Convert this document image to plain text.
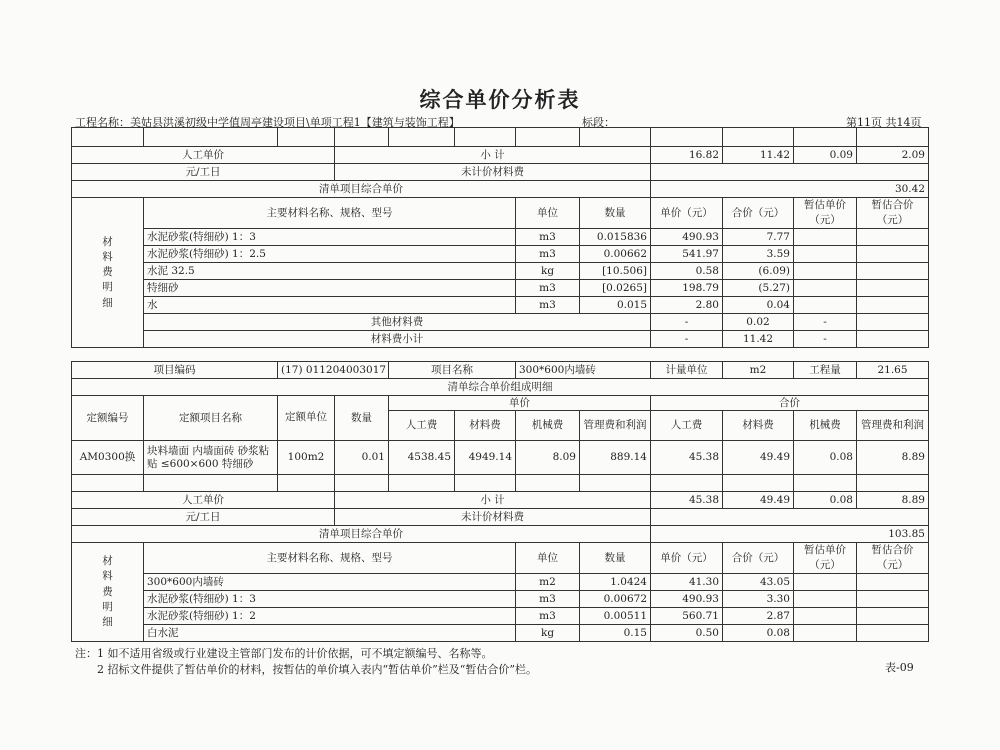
综合单价分析表
工程名称：美姑县洪溪初级中学值周亭建设项目\单项工程1【建筑与装饰工程】	标段：	第11页 共14页

人工单价			小 计					16.82	11.42	0.09	2.09
元/工日			未计价材料费								
清单项目综合单价								30.42			
材料费明细	主要材料名称、规格、型号					单位	数量	单价（元）	合价（元）	暂估单价（元）	暂估合价（元）
	水泥砂浆(特细砂) 1：3					m3	0.015836	490.93	7.77		
	水泥砂浆(特细砂) 1：2.5					m3	0.00662	541.97	3.59		
	水泥 32.5					kg	[10.506]	0.58	(6.09)		
	特细砂					m3	[0.0265]	198.79	(5.27)		
	水					m3	0.015	2.80	0.04		
	其他材料费							-	0.02	-	
	材料费小计							-	11.42	-	
项目编码		(17) 011204003017		项目名称		300*600内墙砖		计量单位	m2	工程量	21.65
清单综合单价组成明细											
定额编号	定额项目名称	定额单位	数量	单价				合价			
				人工费	材料费	机械费	管理费和利润	人工费	材料费	机械费	管理费和利润
AM0300换	块料墙面 内墙面砖 砂浆粘贴 ≤600×600 特细砂	100m2	0.01	4538.45	4949.14	8.09	889.14	45.38	49.49	0.08	8.89

人工单价			小 计					45.38	49.49	0.08	8.89
元/工日			未计价材料费								
清单项目综合单价								103.85			
材料费明细	主要材料名称、规格、型号					单位	数量	单价（元）	合价（元）	暂估单价（元）	暂估合价（元）
	300*600内墙砖					m2	1.0424	41.30	43.05		
	水泥砂浆(特细砂) 1：3					m3	0.00672	490.93	3.30		
	水泥砂浆(特细砂) 1：2					m3	0.00511	560.71	2.87		
	白水泥					kg	0.15	0.50	0.08		
注：1 如不适用省级或行业建设主管部门发布的计价依据，可不填定额编号、名称等。
2 招标文件提供了暂估单价的材料，按暂估的单价填入表内“暂估单价”栏及“暂估合价”栏。	表-09
